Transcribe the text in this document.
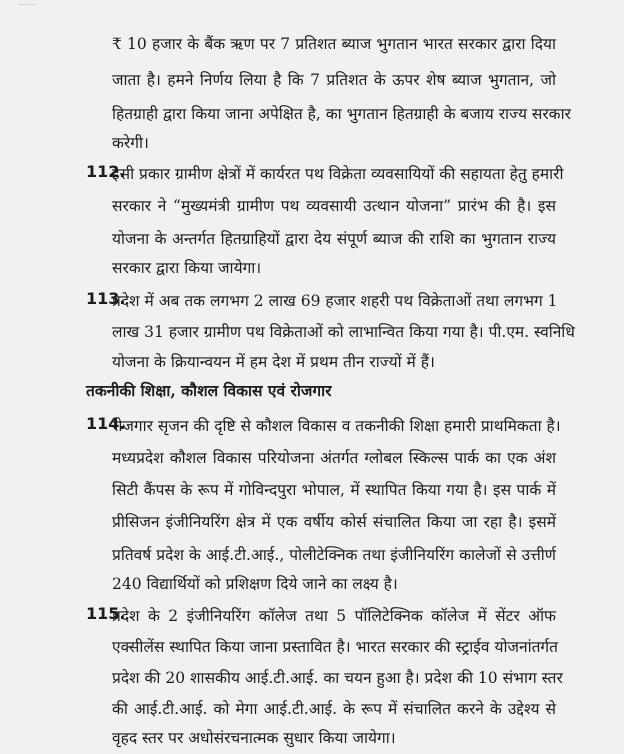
₹ 10 हजार के बैंक ऋण पर 7 प्रतिशत ब्याज भुगतान भारत सरकार द्वारा दिया
जाता है। हमने निर्णय लिया है कि 7 प्रतिशत के ऊपर शेष ब्याज भुगतान, जो
हितग्राही द्वारा किया जाना अपेक्षित है, का भुगतान हितग्राही के बजाय राज्य सरकार
करेगी।
112.
इसी प्रकार ग्रामीण क्षेत्रों में कार्यरत पथ विक्रेता व्यवसायियों की सहायता हेतु हमारी
सरकार ने “मुख्यमंत्री ग्रामीण पथ व्यवसायी उत्थान योजना” प्रारंभ की है। इस
योजना के अन्तर्गत हितग्राहियों द्वारा देय संपूर्ण ब्याज की राशि का भुगतान राज्य
सरकार द्वारा किया जायेगा।
113.
प्रदेश में अब तक लगभग 2 लाख 69 हजार शहरी पथ विक्रेताओं तथा लगभग 1
लाख 31 हजार ग्रामीण पथ विक्रेताओं को लाभान्वित किया गया है। पी.एम. स्वनिधि
योजना के क्रियान्वयन में हम देश में प्रथम तीन राज्यों में हैं।
तकनीकी शिक्षा, कौशल विकास एवं रोजगार
114.
रोजगार सृजन की दृष्टि से कौशल विकास व तकनीकी शिक्षा हमारी प्राथमिकता है।
मध्यप्रदेश कौशल विकास परियोजना अंतर्गत ग्लोबल स्किल्स पार्क का एक अंश
सिटी कैंपस के रूप में गोविन्दपुरा भोपाल, में स्थापित किया गया है। इस पार्क में
प्रीसिजन इंजीनियरिंग क्षेत्र में एक वर्षीय कोर्स संचालित किया जा रहा है। इसमें
प्रतिवर्ष प्रदेश के आई.टी.आई., पोलीटेक्निक तथा इंजीनियरिंग कालेजों से उत्तीर्ण
240 विद्यार्थियों को प्रशिक्षण दिये जाने का लक्ष्य है।
115.
प्रदेश के 2 इंजीनियरिंग कॉलेज तथा 5 पॉलिटेक्निक कॉलेज में सेंटर ऑफ
एक्सीलेंस स्थापित किया जाना प्रस्तावित है। भारत सरकार की स्ट्राईव योजनांतर्गत
प्रदेश की 20 शासकीय आई.टी.आई. का चयन हुआ है। प्रदेश की 10 संभाग स्तर
की आई.टी.आई. को मेगा आई.टी.आई. के रूप में संचालित करने के उद्देश्य से
वृहद स्तर पर अधोसंरचनात्मक सुधार किया जायेगा।
